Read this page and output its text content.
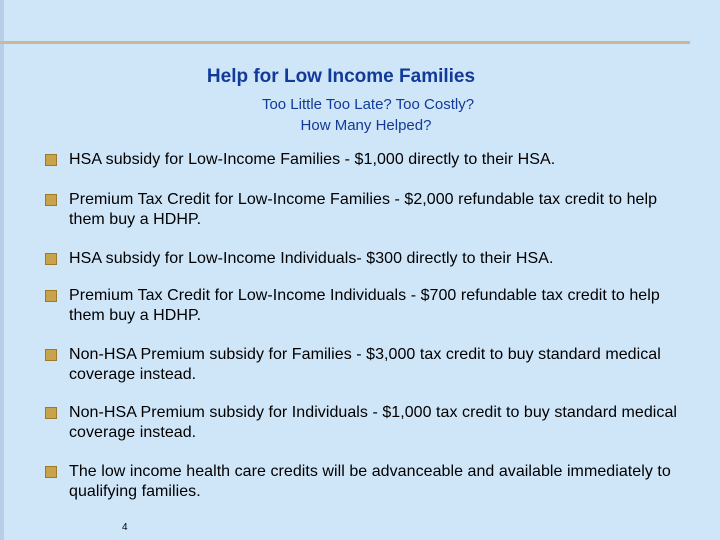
Help for Low Income Families
Too Little Too Late? Too Costly?
How Many Helped?
HSA subsidy for Low-Income Families - $1,000 directly to their HSA.
Premium Tax Credit for Low-Income Families - $2,000 refundable tax credit to help them buy a HDHP.
HSA subsidy for Low-Income Individuals- $300 directly to their HSA.
Premium Tax Credit for Low-Income Individuals - $700 refundable tax credit to help them buy a HDHP.
Non-HSA Premium subsidy for Families - $3,000 tax credit to buy standard medical coverage instead.
Non-HSA Premium subsidy for Individuals - $1,000 tax credit to buy standard medical coverage instead.
The low income health care credits will be advanceable and available immediately to qualifying families.
4
